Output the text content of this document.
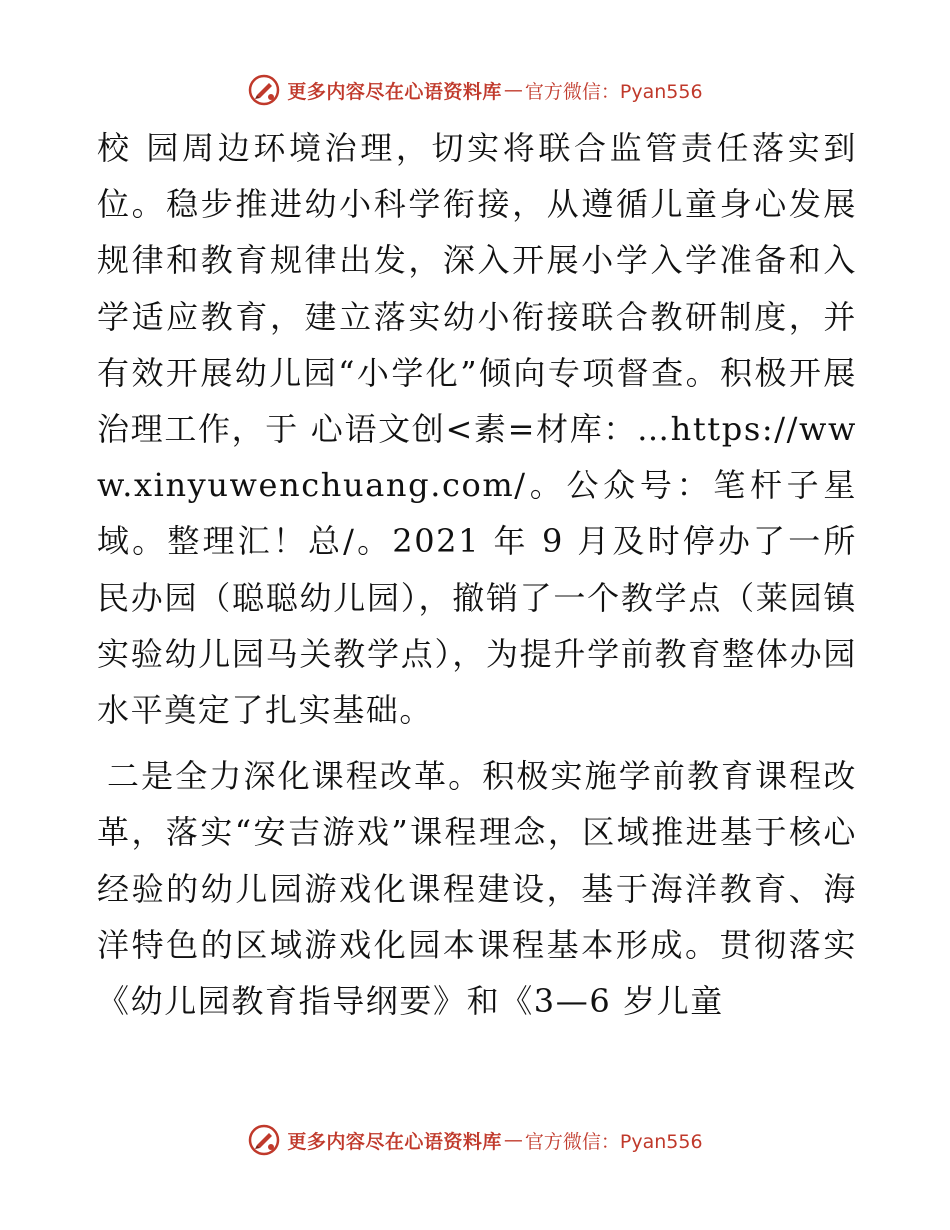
更多内容尽在心语资料库 — 官方微信：Pyan556

校 园周边环境治理，切实将联合监管责任落实到位。稳步推进幼小科学衔接，从遵循儿童身心发展规律和教育规律出发，深入开展小学入学准备和入学适应教育，建立落实幼小衔接联合教研制度，并有效开展幼儿园“小学化”倾向专项督查。积极开展治理工作，于 心语文创<素=材库：…https://www.xinyuwenchuang.com/。公众号：笔杆子星域。整理汇！总/。2021 年 9 月及时停办了一所民办园（聪聪幼儿园），撤销了一个教学点（莱园镇实验幼儿园马关教学点），为提升学前教育整体办园水平奠定了扎实基础。

二是全力深化课程改革。积极实施学前教育课程改革，落实“安吉游戏”课程理念，区域推进基于核心经验的幼儿园游戏化课程建设，基于海洋教育、海洋特色的区域游戏化园本课程基本形成。贯彻落实《幼儿园教育指导纲要》和《3—6 岁儿童

更多内容尽在心语资料库 — 官方微信：Pyan556
